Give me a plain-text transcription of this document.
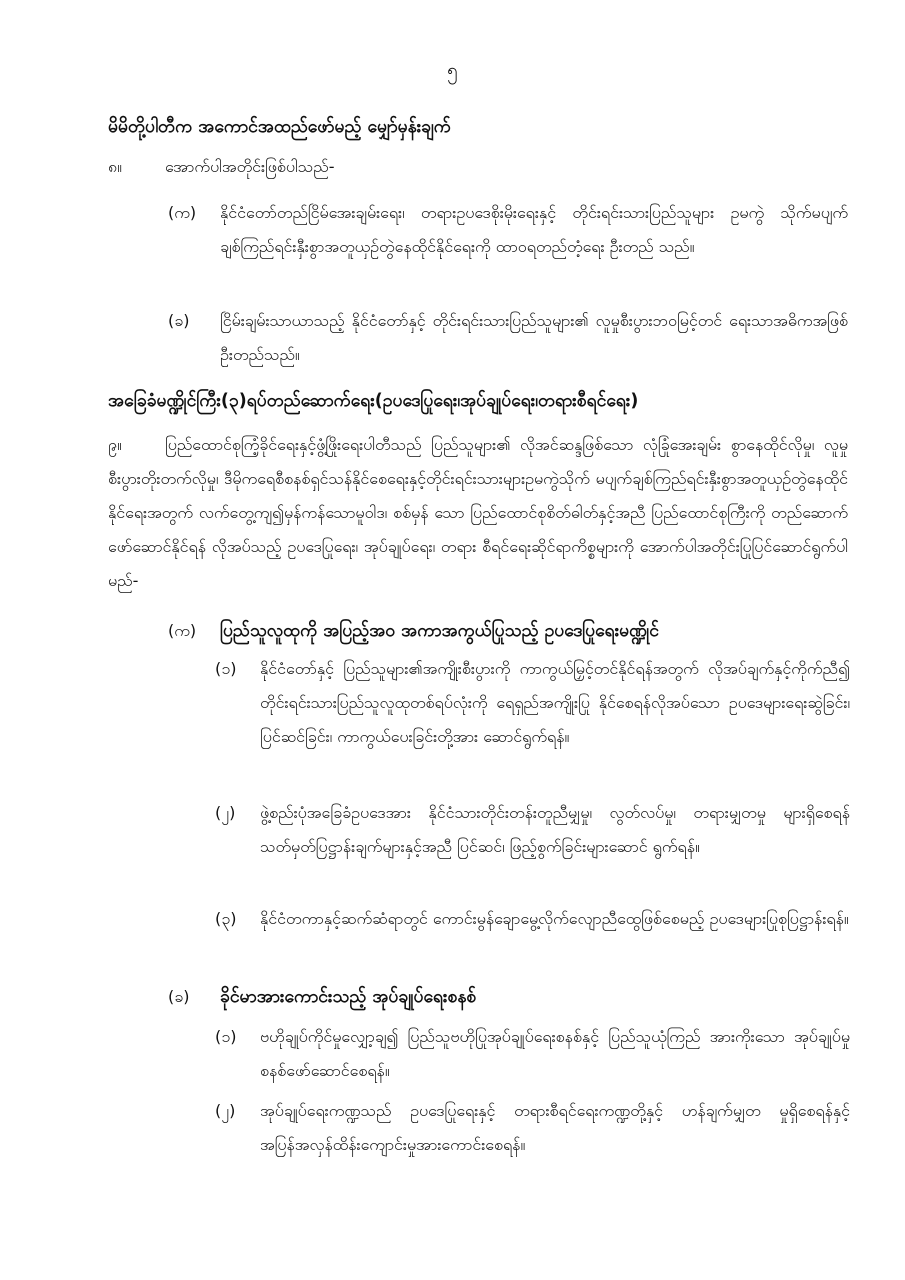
၅
မိမိတို့ပါတီက အကောင်အထည်ဖော်မည့် မျှော်မှန်းချက်
၈။	အောက်ပါအတိုင်းဖြစ်ပါသည်-
(က) နိုင်ငံတော်တည်ငြိမ်အေးချမ်းရေး၊ တရားဥပဒေစိုးမိုးရေးနှင့် တိုင်းရင်းသားပြည်သူများ ဥမကွဲ သိုက်မပျက် ချစ်ကြည်ရင်းနှီးစွာအတူယှဉ်တွဲနေထိုင်နိုင်ရေးကို ထာဝရတည်တံ့ရေး ဦးတည် သည်။
(ခ) ငြိမ်းချမ်းသာယာသည့် နိုင်ငံတော်နှင့် တိုင်းရင်းသားပြည်သူများ၏ လူမှုစီးပွားဘဝမြင့်တင် ရေးသာအဓိကအဖြစ်ဦးတည်သည်။
အခြေခံမဏ္ဍိုင်ကြီး(၃)ရပ်တည်ဆောက်ရေး(ဥပဒေပြုရေး၊အုပ်ချုပ်ရေး၊တရားစီရင်ရေး)
၉။	ပြည်ထောင်စုကြံ့ခိုင်ရေးနှင့်ဖွံ့ဖြိုးရေးပါတီသည် ပြည်သူများ၏ လိုအင်ဆန္ဒဖြစ်သော လုံခြုံအေးချမ်း စွာနေထိုင်လိုမှု၊ လူမှုစီးပွားတိုးတက်လိုမှု၊ ဒီမိုကရေစီစနစ်ရှင်သန်နိုင်စေရေးနှင့်တိုင်းရင်းသားများဥမကွဲသိုက် မပျက်ချစ်ကြည်ရင်းနှီးစွာအတူယှဉ်တွဲနေထိုင်နိုင်ရေးအတွက် လက်တွေ့ကျ၍မှန်ကန်သောမူဝါဒ၊ စစ်မှန် သော ပြည်ထောင်စုစိတ်ဓါတ်နှင့်အညီ ပြည်ထောင်စုကြီးကို တည်ဆောက်ဖော်ဆောင်နိုင်ရန် လိုအပ်သည့် ဥပဒေပြုရေး၊ အုပ်ချုပ်ရေး၊ တရား စီရင်ရေးဆိုင်ရာကိစ္စများကို အောက်ပါအတိုင်းပြုပြင်ဆောင်ရွက်ပါမည်-
(က) ပြည်သူလူထုကို အပြည့်အဝ အကာအကွယ်ပြုသည့် ဥပဒေပြုရေးမဏ္ဍိုင်
(၁) နိုင်ငံတော်နှင့် ပြည်သူများ၏အကျိုးစီးပွားကို ကာကွယ်မြှင့်တင်နိုင်ရန်အတွက် လိုအပ်ချက်နှင့်ကိုက်ညီ၍ တိုင်းရင်းသားပြည်သူလူထုတစ်ရပ်လုံးကို ရေရှည်အကျိုးပြု နိုင်စေရန်လိုအပ်သော ဥပဒေများရေးဆွဲခြင်း၊ ပြင်ဆင်ခြင်း၊ ကာကွယ်ပေးခြင်းတို့အား ဆောင်ရွက်ရန်။
(၂) ဖွဲ့စည်းပုံအခြေခံဥပဒေအား နိုင်ငံသားတိုင်းတန်းတူညီမျှမှု၊ လွတ်လပ်မှု၊ တရားမျှတမှု များရှိစေရန် သတ်မှတ်ပြဋ္ဌာန်းချက်များနှင့်အညီ ပြင်ဆင်၊ ဖြည့်စွက်ခြင်းများဆောင် ရွက်ရန်။
(၃) နိုင်ငံတကာနှင့်ဆက်ဆံရာတွင် ကောင်းမွန်ချောမွေ့လိုက်လျောညီထွေဖြစ်စေမည့် ဥပဒေများပြုစုပြဋ္ဌာန်းရန်။
(ခ) ခိုင်မာအားကောင်းသည့် အုပ်ချုပ်ရေးစနစ်
(၁) ဗဟိုချုပ်ကိုင်မှုလျှော့ချ၍ ပြည်သူဗဟိုပြုအုပ်ချုပ်ရေးစနစ်နှင့် ပြည်သူယုံကြည် အားကိုးသော အုပ်ချုပ်မှုစနစ်ဖော်ဆောင်စေရန်။
(၂) အုပ်ချုပ်ရေးကဏ္ဍသည် ဥပဒေပြုရေးနှင့် တရားစီရင်ရေးကဏ္ဍတို့နှင့် ဟန်ချက်မျှတ မှုရှိစေရန်နှင့် အပြန်အလှန်ထိန်းကျောင်းမှုအားကောင်းစေရန်။
